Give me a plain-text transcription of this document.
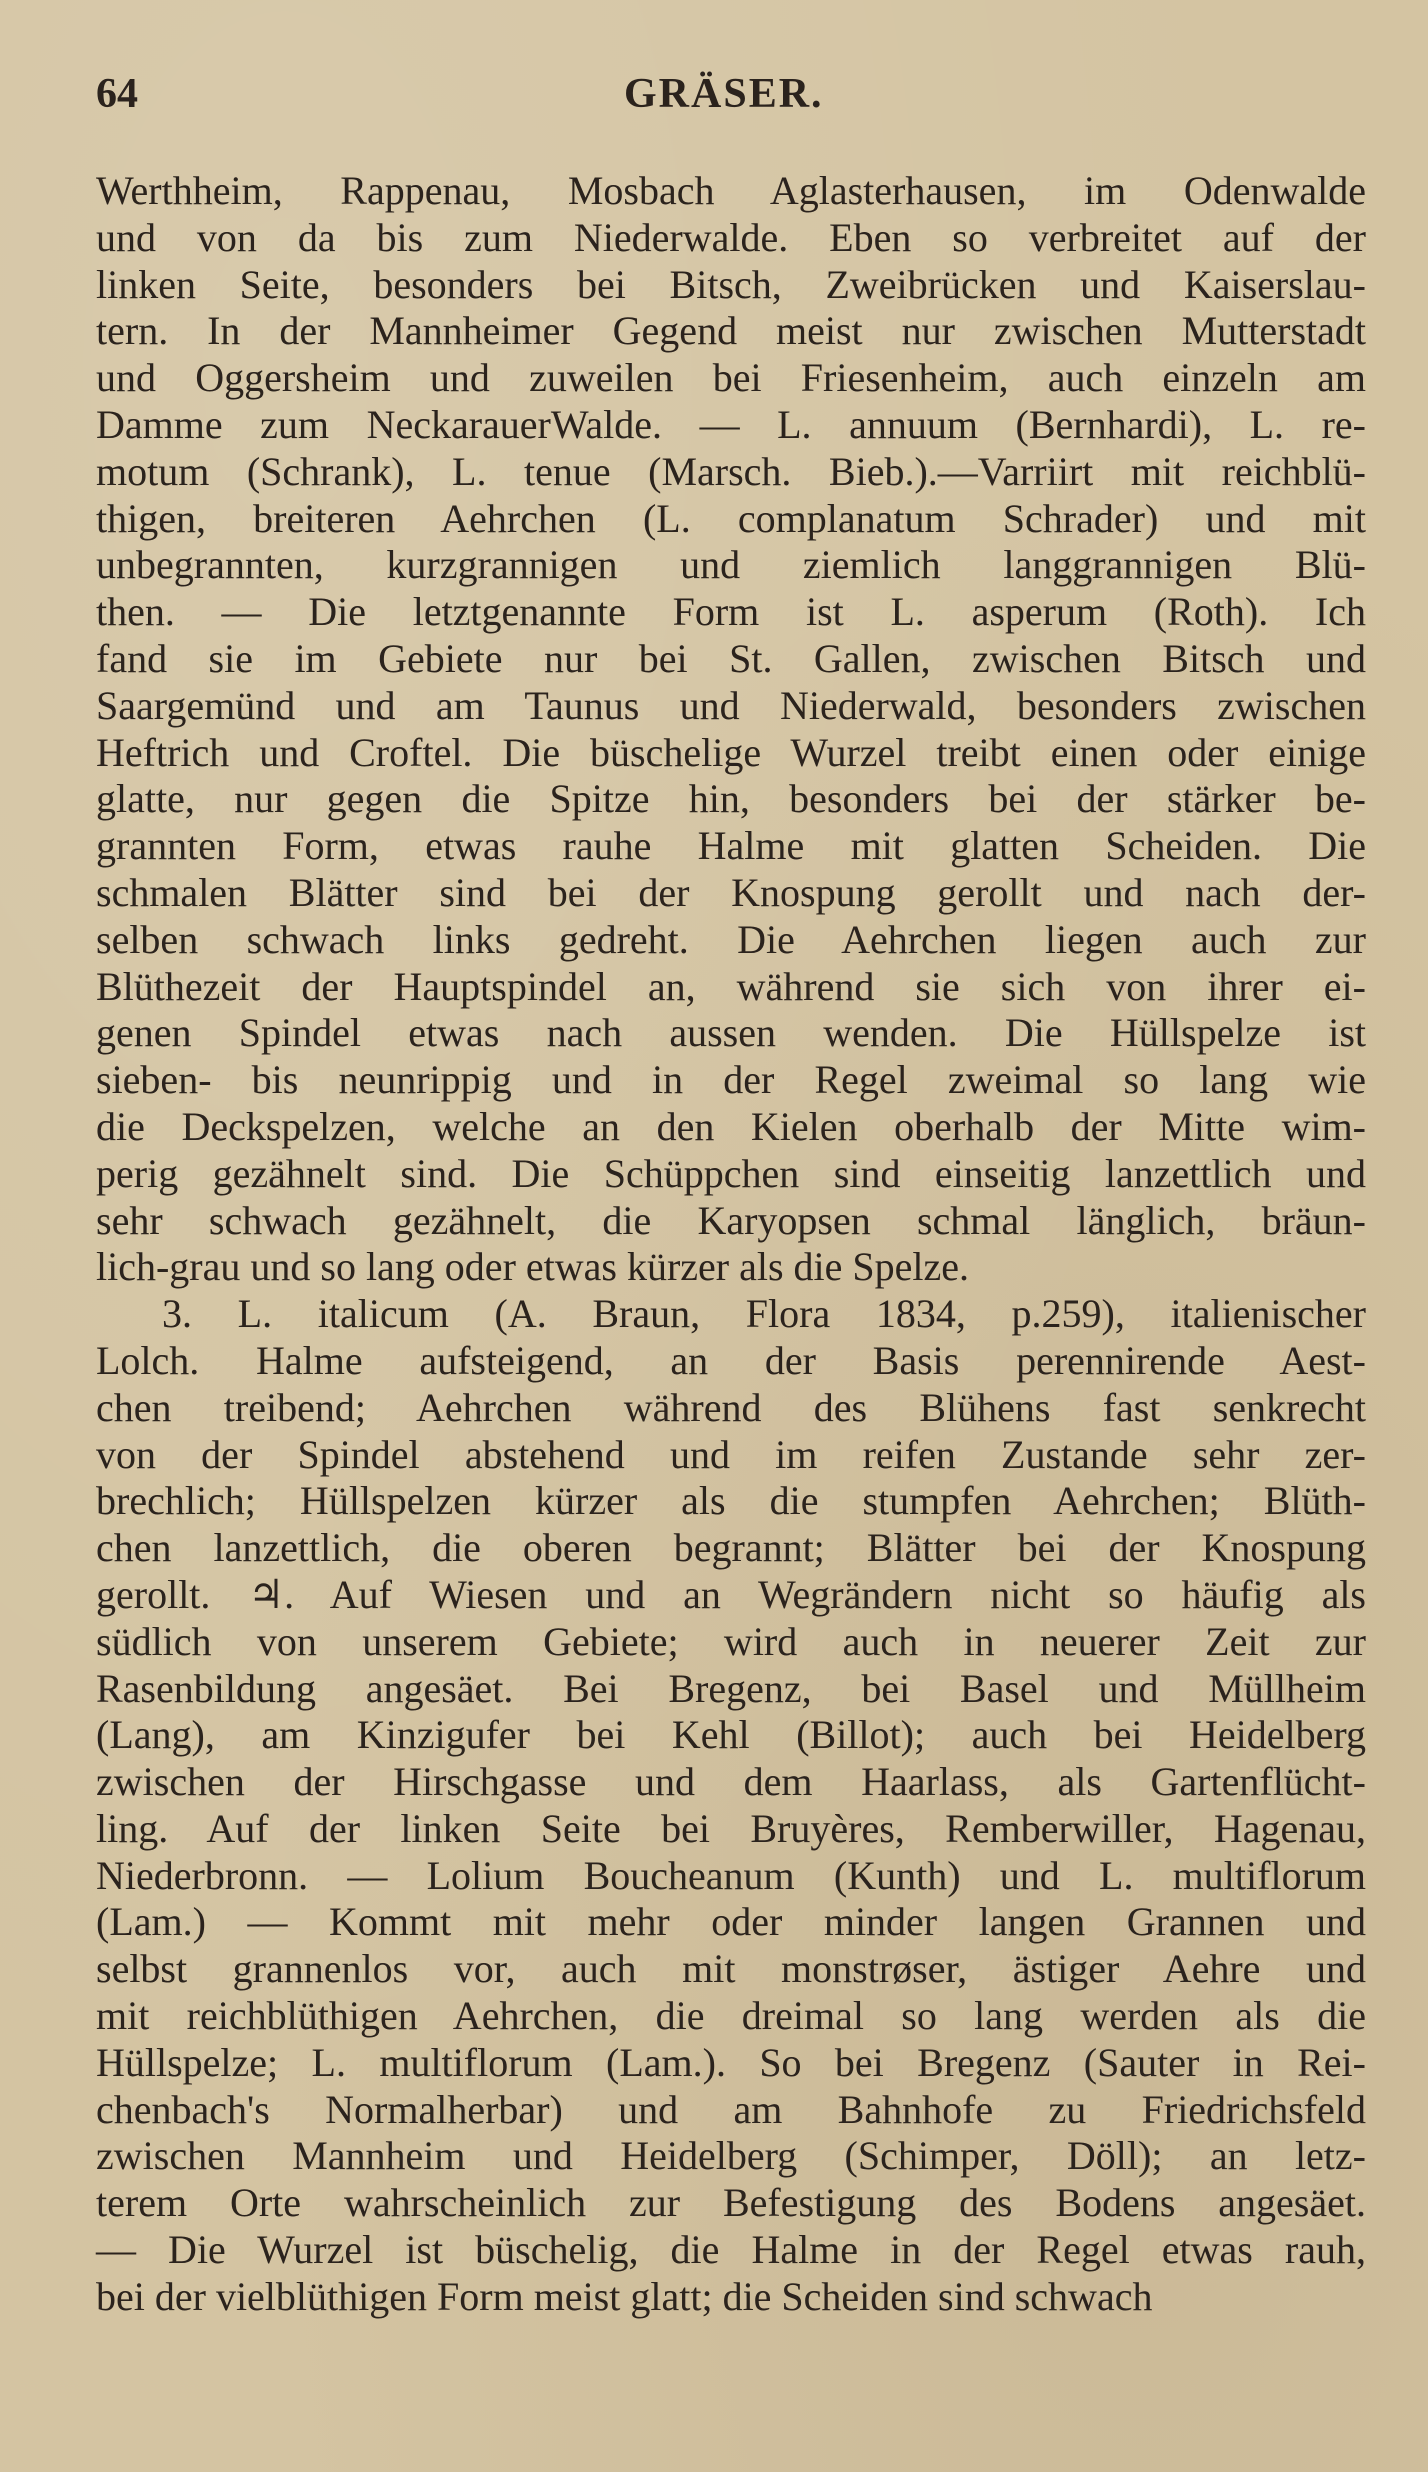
64	GRÄSER.
Werthheim, Rappenau, Mosbach Aglasterhausen, im Odenwalde
und von da bis zum Niederwalde. Eben so verbreitet auf der
linken Seite, besonders bei Bitsch, Zweibrücken und Kaiserslau-
tern. In der Mannheimer Gegend meist nur zwischen Mutterstadt
und Oggersheim und zuweilen bei Friesenheim, auch einzeln am
Damme zum NeckarauerWalde. — L. annuum (Bernhardi), L. re-
motum (Schrank), L. tenue (Marsch. Bieb.).—Varriirt mit reichblü-
thigen, breiteren Aehrchen (L. complanatum Schrader) und mit
unbegrannten, kurzgrannigen und ziemlich langgrannigen Blü-
then. — Die letztgenannte Form ist L. asperum (Roth). Ich
fand sie im Gebiete nur bei St. Gallen, zwischen Bitsch und
Saargemünd und am Taunus und Niederwald, besonders zwischen
Heftrich und Croftel. Die büschelige Wurzel treibt einen oder einige
glatte, nur gegen die Spitze hin, besonders bei der stärker be-
grannten Form, etwas rauhe Halme mit glatten Scheiden. Die
schmalen Blätter sind bei der Knospung gerollt und nach der-
selben schwach links gedreht. Die Aehrchen liegen auch zur
Blüthezeit der Hauptspindel an, während sie sich von ihrer ei-
genen Spindel etwas nach aussen wenden. Die Hüllspelze ist
sieben- bis neunrippig und in der Regel zweimal so lang wie
die Deckspelzen, welche an den Kielen oberhalb der Mitte wim-
perig gezähnelt sind. Die Schüppchen sind einseitig lanzettlich und
sehr schwach gezähnelt, die Karyopsen schmal länglich, bräun-
lich-grau und so lang oder etwas kürzer als die Spelze.
3. L. italicum (A. Braun, Flora 1834, p.259), italienischer
Lolch. Halme aufsteigend, an der Basis perennirende Aest-
chen treibend; Aehrchen während des Blühens fast senkrecht
von der Spindel abstehend und im reifen Zustande sehr zer-
brechlich; Hüllspelzen kürzer als die stumpfen Aehrchen; Blüth-
chen lanzettlich, die oberen begrannt; Blätter bei der Knospung
gerollt. ♃. Auf Wiesen und an Wegrändern nicht so häufig als
südlich von unserem Gebiete; wird auch in neuerer Zeit zur
Rasenbildung angesäet. Bei Bregenz, bei Basel und Müllheim
(Lang), am Kinzigufer bei Kehl (Billot); auch bei Heidelberg
zwischen der Hirschgasse und dem Haarlass, als Gartenflücht-
ling. Auf der linken Seite bei Bruyères, Remberwiller, Hagenau,
Niederbronn. — Lolium Boucheanum (Kunth) und L. multiflorum
(Lam.) — Kommt mit mehr oder minder langen Grannen und
selbst grannenlos vor, auch mit monstrøser, ästiger Aehre und
mit reichblüthigen Aehrchen, die dreimal so lang werden als die
Hüllspelze; L. multiflorum (Lam.). So bei Bregenz (Sauter in Rei-
chenbach's Normalherbar) und am Bahnhofe zu Friedrichsfeld
zwischen Mannheim und Heidelberg (Schimper, Döll); an letz-
terem Orte wahrscheinlich zur Befestigung des Bodens angesäet.
— Die Wurzel ist büschelig, die Halme in der Regel etwas rauh,
bei der vielblüthigen Form meist glatt; die Scheiden sind schwach
